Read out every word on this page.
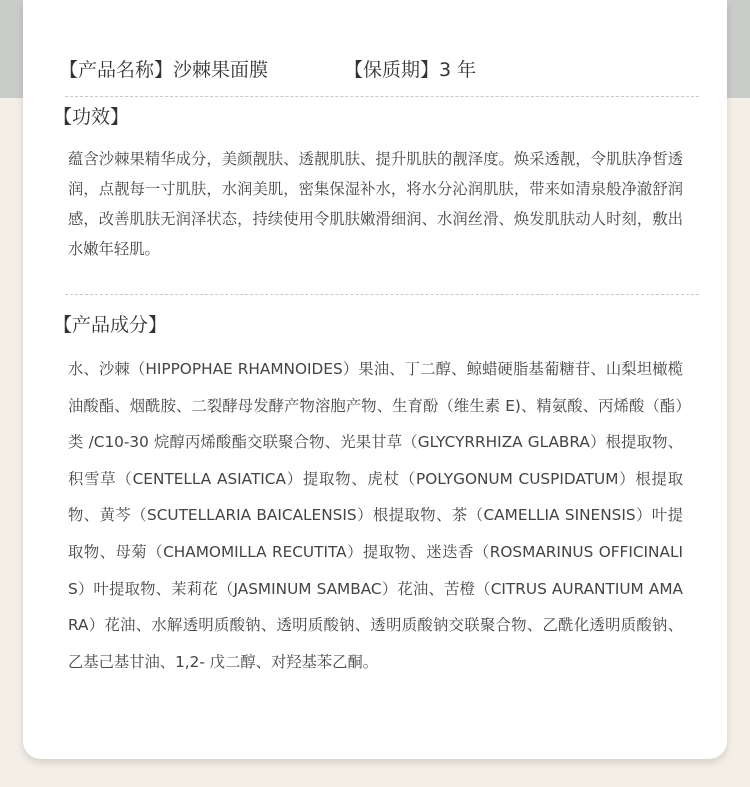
【产品名称】沙棘果面膜	【保质期】3 年
【功效】

蕴含沙棘果精华成分，美颜靓肤、透靓肌肤、提升肌肤的靓泽度。焕采透靓，令肌肤净皙透润，点靓每一寸肌肤，水润美肌，密集保湿补水，将水分沁润肌肤，带来如清泉般净澈舒润感，改善肌肤无润泽状态，持续使用令肌肤嫩滑细润、水润丝滑、焕发肌肤动人时刻，敷出水嫩年轻肌。

【产品成分】

水、沙棘（HIPPOPHAE RHAMNOIDES）果油、丁二醇、鲸蜡硬脂基葡糖苷、山梨坦橄榄油酸酯、烟酰胺、二裂酵母发酵产物溶胞产物、生育酚（维生素 E)、精氨酸、丙烯酸（酯）类 /C10-30 烷醇丙烯酸酯交联聚合物、光果甘草（GLYCYRRHIZA GLABRA）根提取物、积雪草（CENTELLA ASIATICA）提取物、虎杖（POLYGONUM CUSPIDATUM）根提取物、黄芩（SCUTELLARIA BAICALENSIS）根提取物、茶（CAMELLIA SINENSIS）叶提取物、母菊（CHAMOMILLA RECUTITA）提取物、迷迭香（ROSMARINUS OFFICINALIS）叶提取物、茉莉花（JASMINUM SAMBAC）花油、苦橙（CITRUS AURANTIUM AMARA）花油、水解透明质酸钠、透明质酸钠、透明质酸钠交联聚合物、乙酰化透明质酸钠、乙基己基甘油、1,2- 戊二醇、对羟基苯乙酮。
